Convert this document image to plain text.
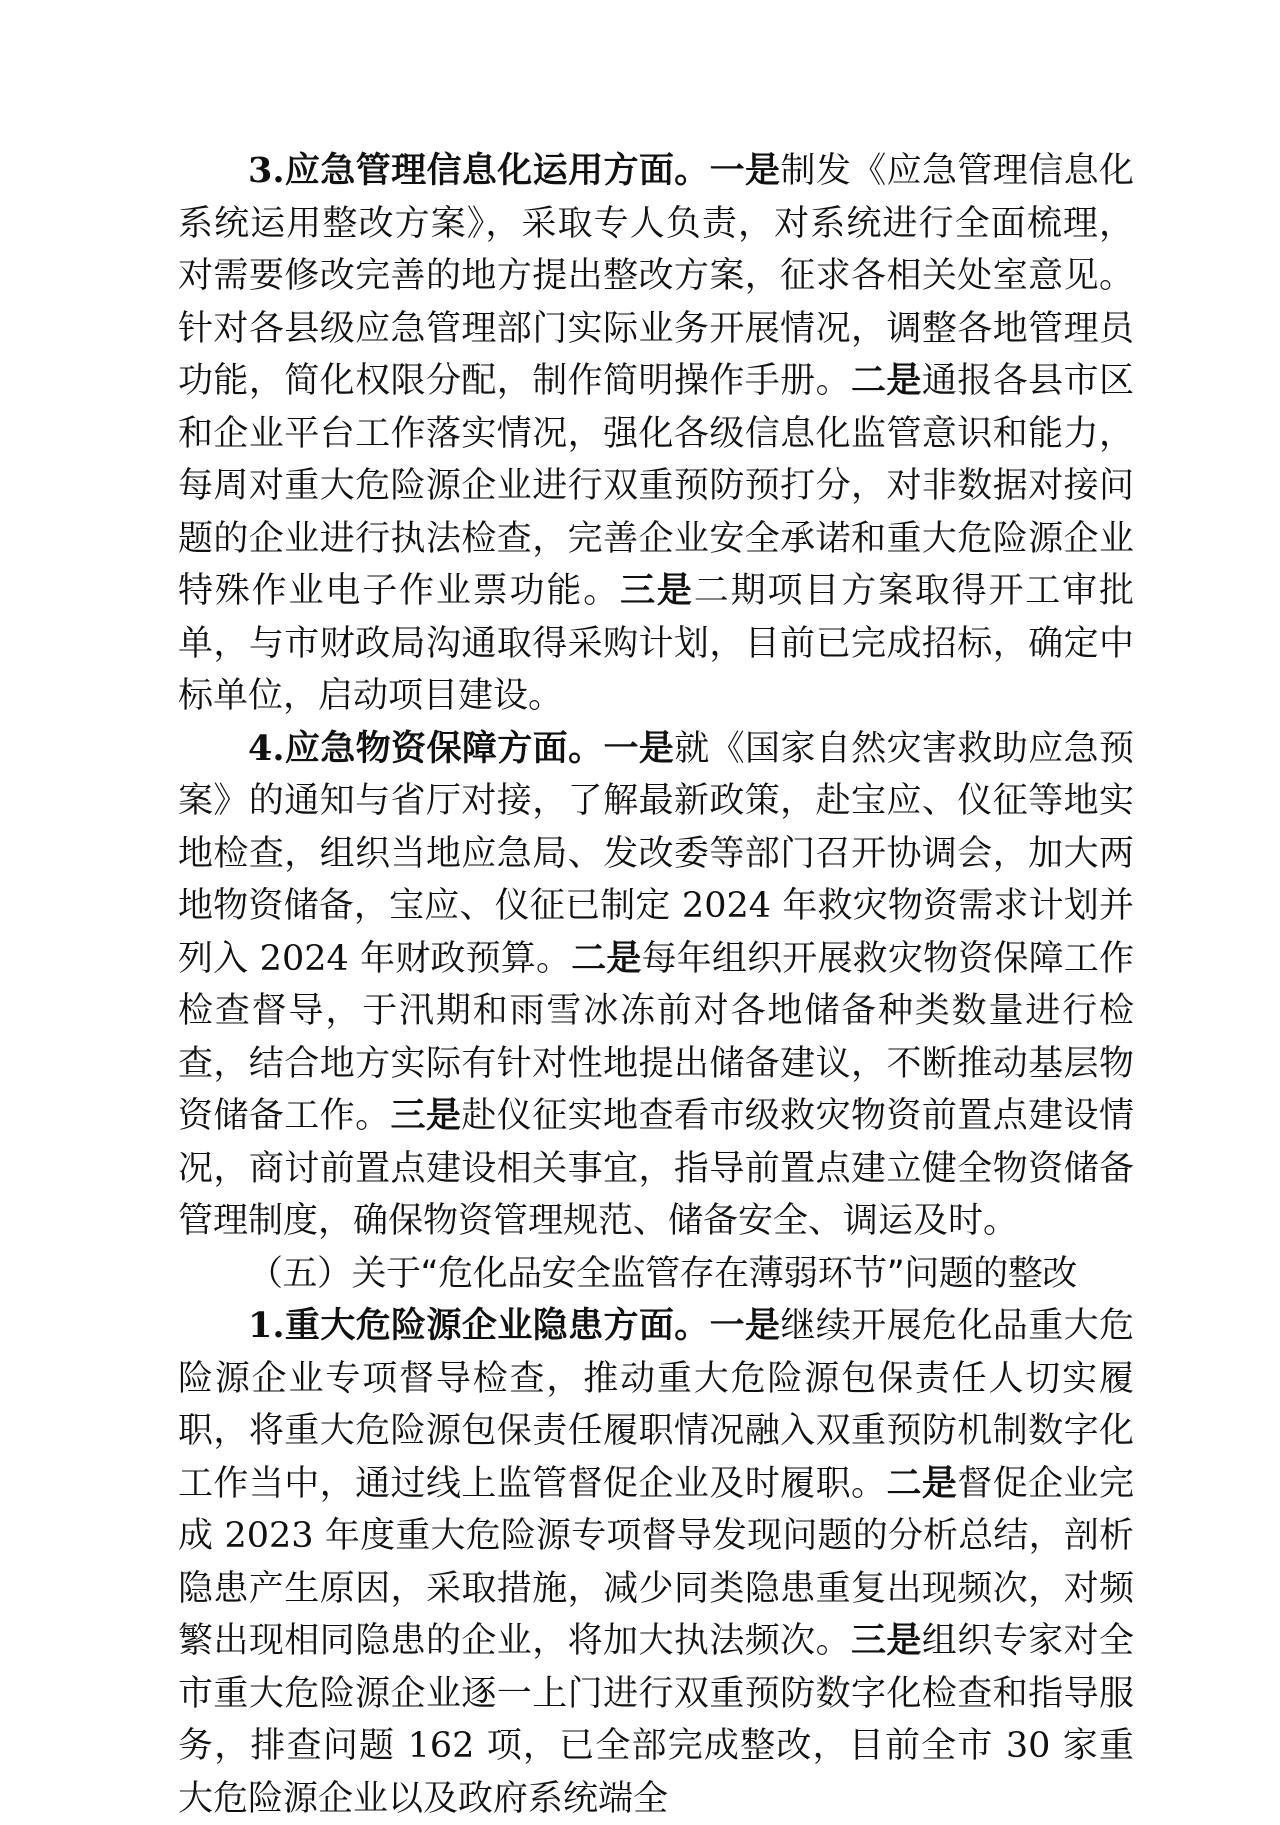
3.应急管理信息化运用方面。一是制发《应急管理信息化系统运用整改方案》，采取专人负责，对系统进行全面梳理，对需要修改完善的地方提出整改方案，征求各相关处室意见。针对各县级应急管理部门实际业务开展情况，调整各地管理员功能，简化权限分配，制作简明操作手册。二是通报各县市区和企业平台工作落实情况，强化各级信息化监管意识和能力，每周对重大危险源企业进行双重预防预打分，对非数据对接问题的企业进行执法检查，完善企业安全承诺和重大危险源企业特殊作业电子作业票功能。三是二期项目方案取得开工审批单，与市财政局沟通取得采购计划，目前已完成招标，确定中标单位，启动项目建设。

4.应急物资保障方面。一是就《国家自然灾害救助应急预案》的通知与省厅对接，了解最新政策，赴宝应、仪征等地实地检查，组织当地应急局、发改委等部门召开协调会，加大两地物资储备，宝应、仪征已制定 2024 年救灾物资需求计划并列入 2024 年财政预算。二是每年组织开展救灾物资保障工作检查督导，于汛期和雨雪冰冻前对各地储备种类数量进行检查，结合地方实际有针对性地提出储备建议，不断推动基层物资储备工作。三是赴仪征实地查看市级救灾物资前置点建设情况，商讨前置点建设相关事宜，指导前置点建立健全物资储备管理制度，确保物资管理规范、储备安全、调运及时。

（五）关于“危化品安全监管存在薄弱环节”问题的整改

1.重大危险源企业隐患方面。一是继续开展危化品重大危险源企业专项督导检查，推动重大危险源包保责任人切实履职，将重大危险源包保责任履职情况融入双重预防机制数字化工作当中，通过线上监管督促企业及时履职。二是督促企业完成 2023 年度重大危险源专项督导发现问题的分析总结，剖析隐患产生原因，采取措施，减少同类隐患重复出现频次，对频繁出现相同隐患的企业，将加大执法频次。三是组织专家对全市重大危险源企业逐一上门进行双重预防数字化检查和指导服务，排查问题 162 项，已全部完成整改，目前全市 30 家重大危险源企业以及政府系统端全
